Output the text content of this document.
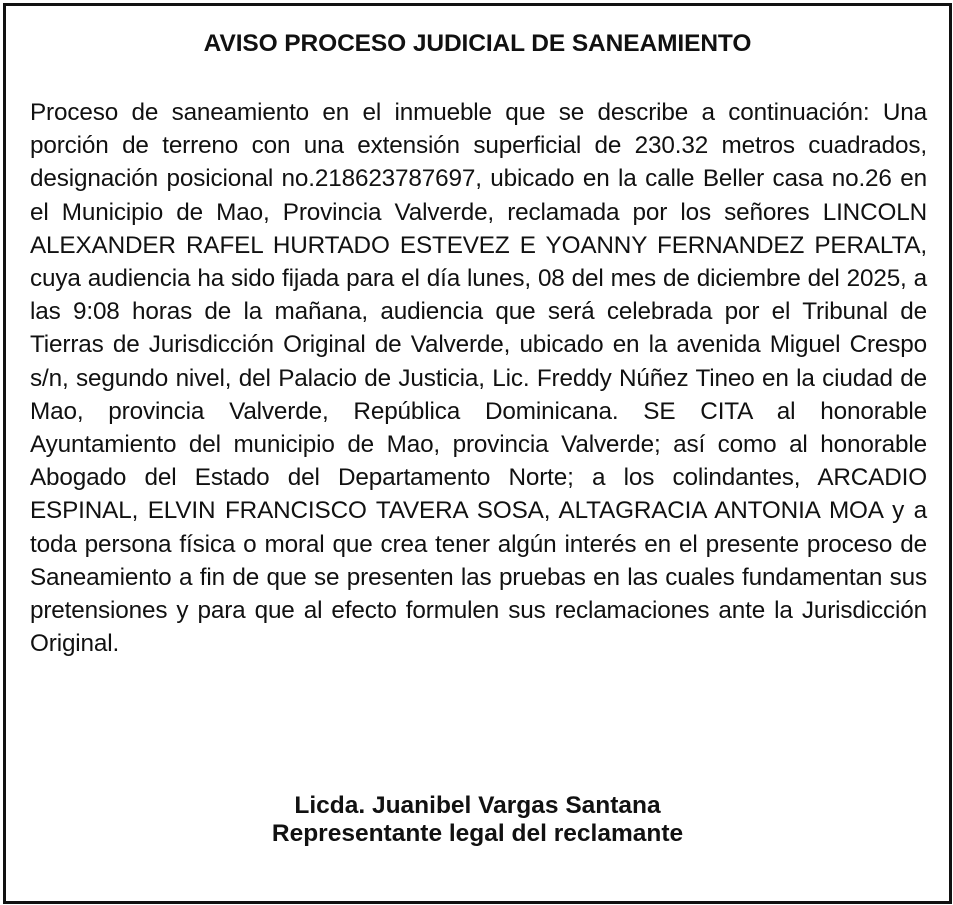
AVISO PROCESO JUDICIAL DE SANEAMIENTO

Proceso de saneamiento en el inmueble que se describe a continuación: Una porción de terreno con una extensión superficial de 230.32 metros cuadrados, designación posicional no.218623787697, ubicado en la calle Beller casa no.26 en el Municipio de Mao, Provincia Valverde, reclamada por los señores LINCOLN ALEXANDER RAFEL HURTADO ESTEVEZ E YOANNY FERNANDEZ PERALTA, cuya audiencia ha sido fijada para el día lunes, 08 del mes de diciembre del 2025, a las 9:08 horas de la mañana, audiencia que será celebrada por el Tribunal de Tierras de Jurisdicción Original de Valverde, ubicado en la avenida Miguel Crespo s/n, segundo nivel, del Palacio de Justicia, Lic. Freddy Núñez Tineo en la ciudad de Mao, provincia Valverde, República Dominicana. SE CITA al honorable Ayuntamiento del municipio de Mao, provincia Valverde; así como al honorable Abogado del Estado del Departamento Norte; a los colindantes, ARCADIO ESPINAL, ELVIN FRANCISCO TAVERA SOSA, ALTAGRACIA ANTONIA MOA y a toda persona física o moral que crea tener algún interés en el presente proceso de Saneamiento a fin de que se presenten las pruebas en las cuales fundamentan sus pretensiones y para que al efecto formulen sus reclamaciones ante la Jurisdicción Original.

Licda. Juanibel Vargas Santana
Representante legal del reclamante
